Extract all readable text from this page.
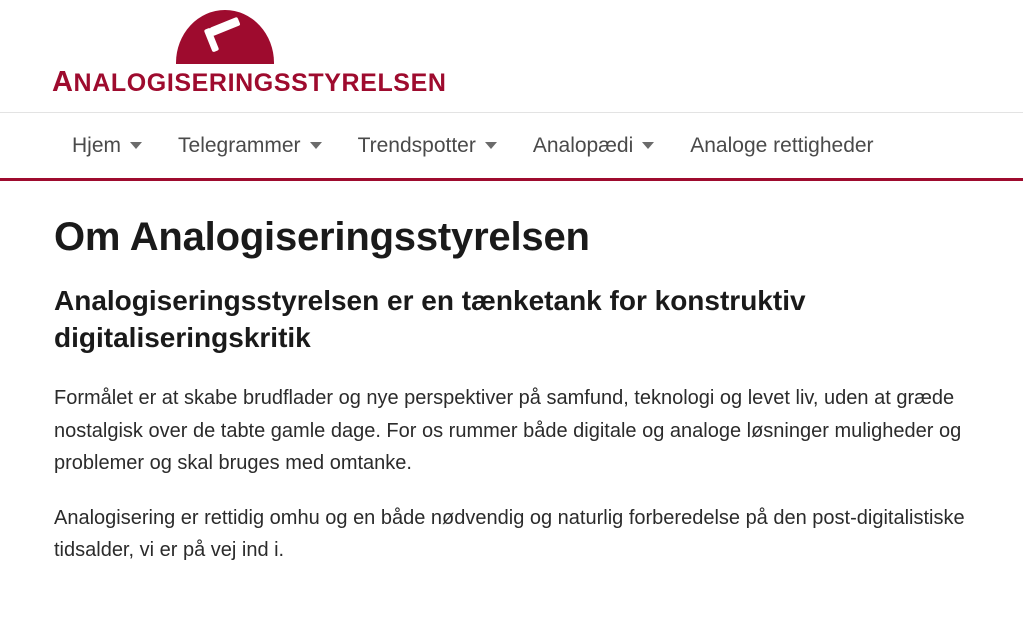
ANALOGISERINGSSTYRELSEN
Hjem	Telegrammer	Trendspotter	Analopædi	Analoge rettigheder
Om Analogiseringsstyrelsen
Analogiseringsstyrelsen er en tænketank for konstruktiv digitaliseringskritik

Formålet er at skabe brudflader og nye perspektiver på samfund, teknologi og levet liv, uden at græde nostalgisk over de tabte gamle dage. For os rummer både digitale og analoge løsninger muligheder og problemer og skal bruges med omtanke.

Analogisering er rettidig omhu og en både nødvendig og naturlig forberedelse på den post-digitalistiske tidsalder, vi er på vej ind i.
